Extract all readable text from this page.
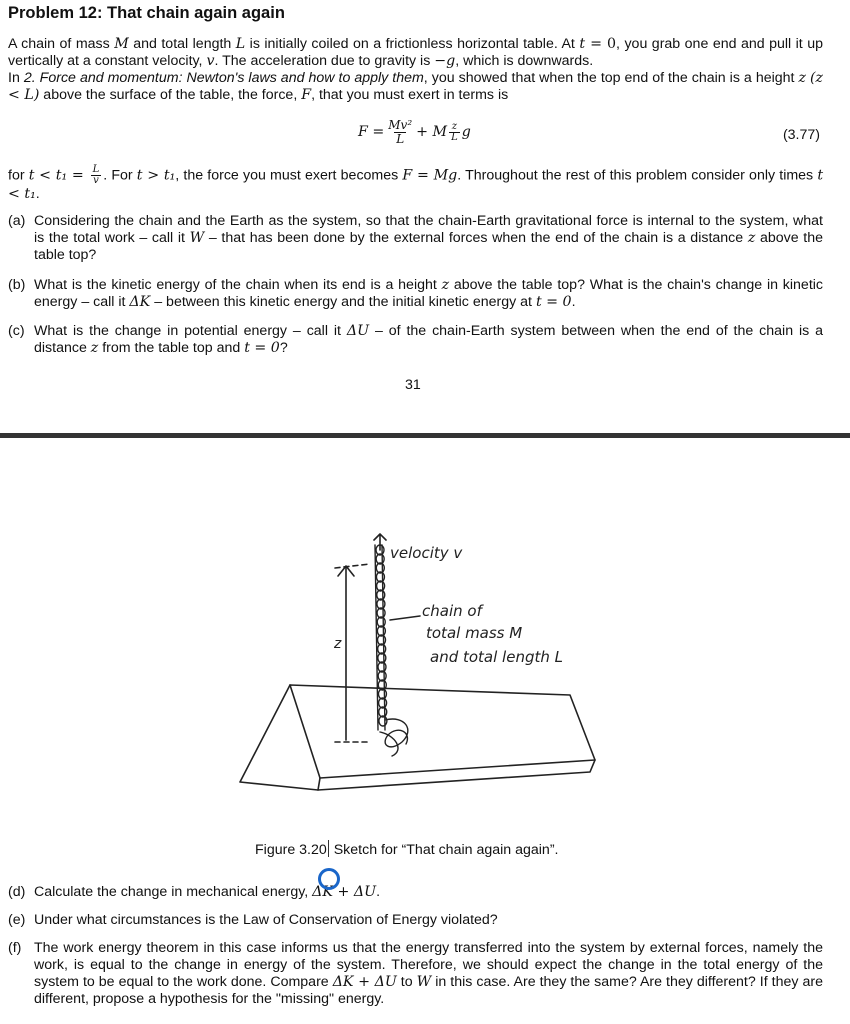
Problem 12: That chain again again
A chain of mass M and total length L is initially coiled on a frictionless horizontal table. At t = 0, you grab one end and pull it up vertically at a constant velocity, v. The acceleration due to gravity is −g, which is downwards.
In 2. Force and momentum: Newton's laws and how to apply them, you showed that when the top end of the chain is a height z (z < L) above the surface of the table, the force, F, that you must exert in terms is
$F = \frac{\text{Mv²}}{L} + M \frac{z}{L}$ g	(3.77)
for $t < t_1 = \frac{L}{v}$ . For t > t₁, the force you must exert becomes F = Mg. Throughout the rest of this problem consider only times t < t₁.
(a) Considering the chain and the Earth as the system, so that the chain-Earth gravitational force is internal to the system, what is the total work – call it W – that has been done by the external forces when the end of the chain is a distance z above the table top?
(b) What is the kinetic energy of the chain when its end is a height z above the table top? What is the chain's change in kinetic energy – call it ΔK – between this kinetic energy and the initial kinetic energy at t = 0.
(c) What is the change in potential energy – call it ΔU – of the chain-Earth system between when the end of the chain is a distance z from the table top and t = 0?
31
velocity v
chain of
total mass M
and total length L
z
Figure 3.20 Sketch for “That chain again again”.
(d) Calculate the change in mechanical energy, ΔK + ΔU.
(e) Under what circumstances is the Law of Conservation of Energy violated?
(f) The work energy theorem in this case informs us that the energy transferred into the system by external forces, namely the work, is equal to the change in energy of the system. Therefore, we should expect the change in the total energy of the system to be equal to the work done. Compare ΔK + ΔU to W in this case. Are they the same? Are they different? If they are different, propose a hypothesis for the "missing" energy.
